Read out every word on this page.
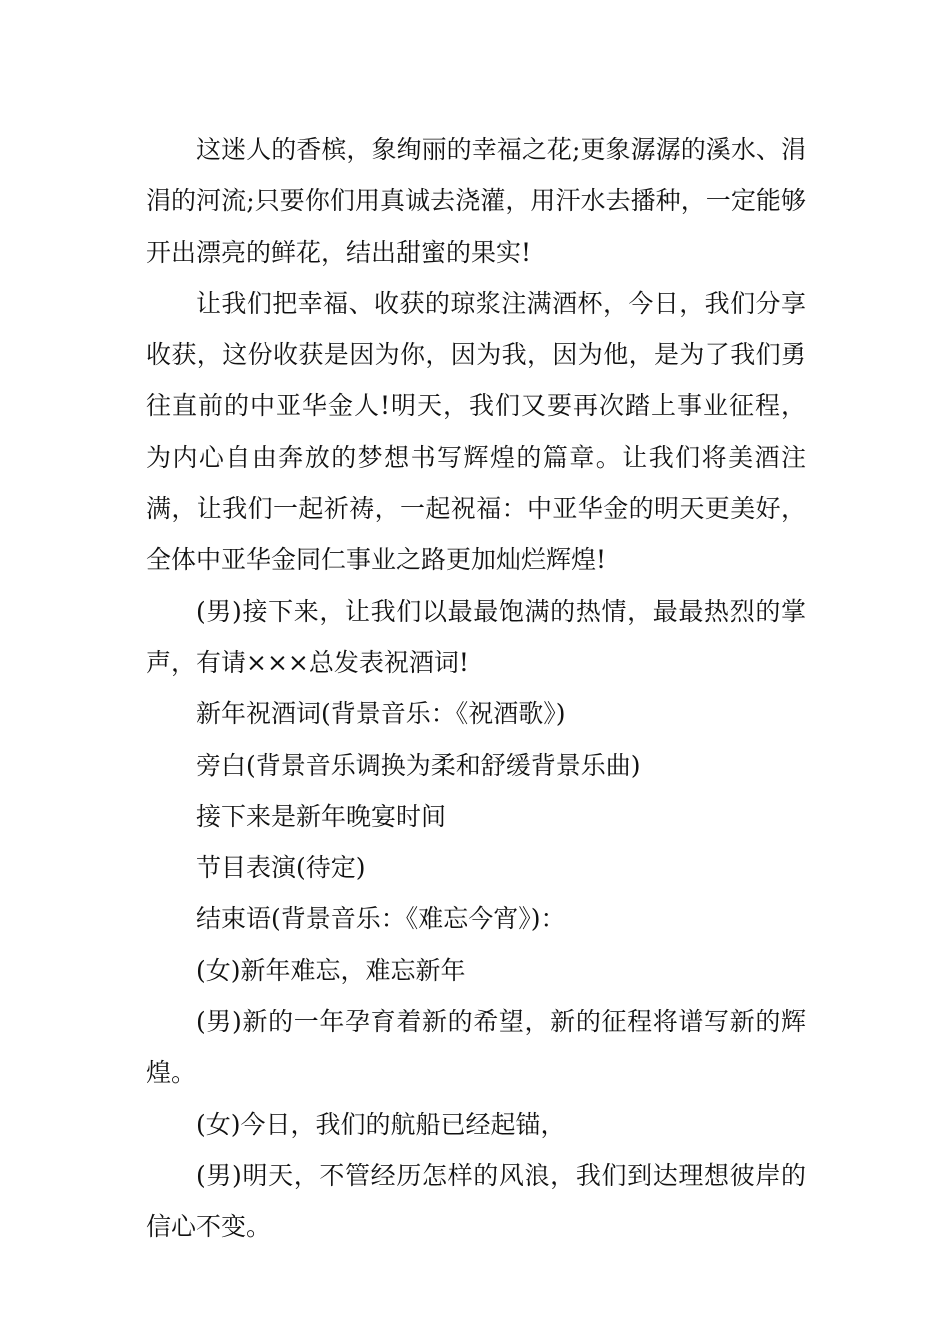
这迷人的香槟，象绚丽的幸福之花;更象潺潺的溪水、涓涓的河流;只要你们用真诚去浇灌，用汗水去播种，一定能够开出漂亮的鲜花，结出甜蜜的果实!

让我们把幸福、收获的琼浆注满酒杯，今日，我们分享收获，这份收获是因为你，因为我，因为他，是为了我们勇往直前的中亚华金人!明天，我们又要再次踏上事业征程，为内心自由奔放的梦想书写辉煌的篇章。让我们将美酒注满，让我们一起祈祷，一起祝福：中亚华金的明天更美好，全体中亚华金同仁事业之路更加灿烂辉煌!

(男)接下来，让我们以最最饱满的热情，最最热烈的掌声，有请×××总发表祝酒词!

新年祝酒词(背景音乐：《祝酒歌》)

旁白(背景音乐调换为柔和舒缓背景乐曲)

接下来是新年晚宴时间

节目表演(待定)

结束语(背景音乐：《难忘今宵》)：

(女)新年难忘，难忘新年

(男)新的一年孕育着新的希望，新的征程将谱写新的辉煌。

(女)今日，我们的航船已经起锚，

(男)明天，不管经历怎样的风浪，我们到达理想彼岸的信心不变。
